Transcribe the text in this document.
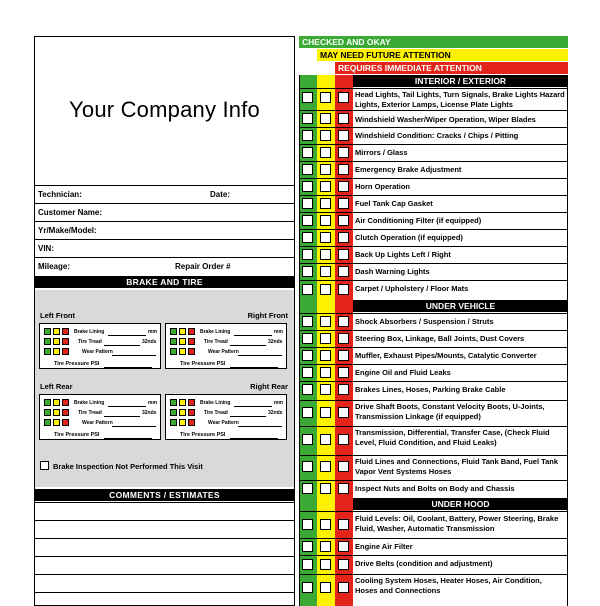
Your Company Info
Technician:	Date:
Customer Name:
Yr/Make/Model:
VIN:
Mileage:	Repair Order #
BRAKE AND TIRE
Left Front	Right Front
Brake Lining	mm
Tire Tread	32nds
Wear Pattern
Tire Pressure PSI
Brake Lining	mm
Tire Tread	32nds
Wear Pattern
Tire Pressure PSI
Left Rear	Right Rear
Brake Lining	mm
Tire Tread	32nds
Wear Pattern
Tire Pressure PSI
Brake Lining	mm
Tire Tread	32nds
Wear Pattern
Tire Pressure PSI
Brake Inspection Not Performed This Visit
COMMENTS / ESTIMATES
CHECKED AND OKAY
MAY NEED FUTURE ATTENTION
REQUIRES IMMEDIATE ATTENTION
INTERIOR / EXTERIOR
Head Lights, Tail Lights, Turn Signals, Brake Lights Hazard Lights, Exterior Lamps, License Plate Lights
Windshield Washer/Wiper Operation, Wiper Blades
Windshield Condition: Cracks / Chips / Pitting
Mirrors / Glass
Emergency Brake Adjustment
Horn Operation
Fuel Tank Cap Gasket
Air Conditioning Filter (if equipped)
Clutch Operation (if equipped)
Back Up Lights Left / Right
Dash Warning Lights
Carpet / Upholstery / Floor Mats
Shock Absorbers / Suspension / Struts
Steering Box, Linkage, Ball Joints, Dust Covers
Muffler, Exhaust Pipes/Mounts, Catalytic Converter
Engine Oil and Fluid Leaks
Brakes Lines, Hoses, Parking Brake Cable
Drive Shaft Boots, Constant Velocity Boots, U-Joints, Transmission Linkage (if equipped)
Transmission, Differential, Transfer Case, (Check Fluid Level, Fluid Condition, and Fluid Leaks)
Fluid Lines and Connections, Fluid Tank Band, Fuel Tank Vapor Vent Systems Hoses
Inspect Nuts and Bolts on Body and Chassis
Fluid Levels: Oil, Coolant, Battery, Power Steering, Brake Fluid, Washer, Automatic Transmission
Engine Air Filter
Drive Belts (condition and adjustment)
Cooling System Hoses, Heater Hoses, Air Condition, Hoses and Connections
UNDER VEHICLE
UNDER HOOD
